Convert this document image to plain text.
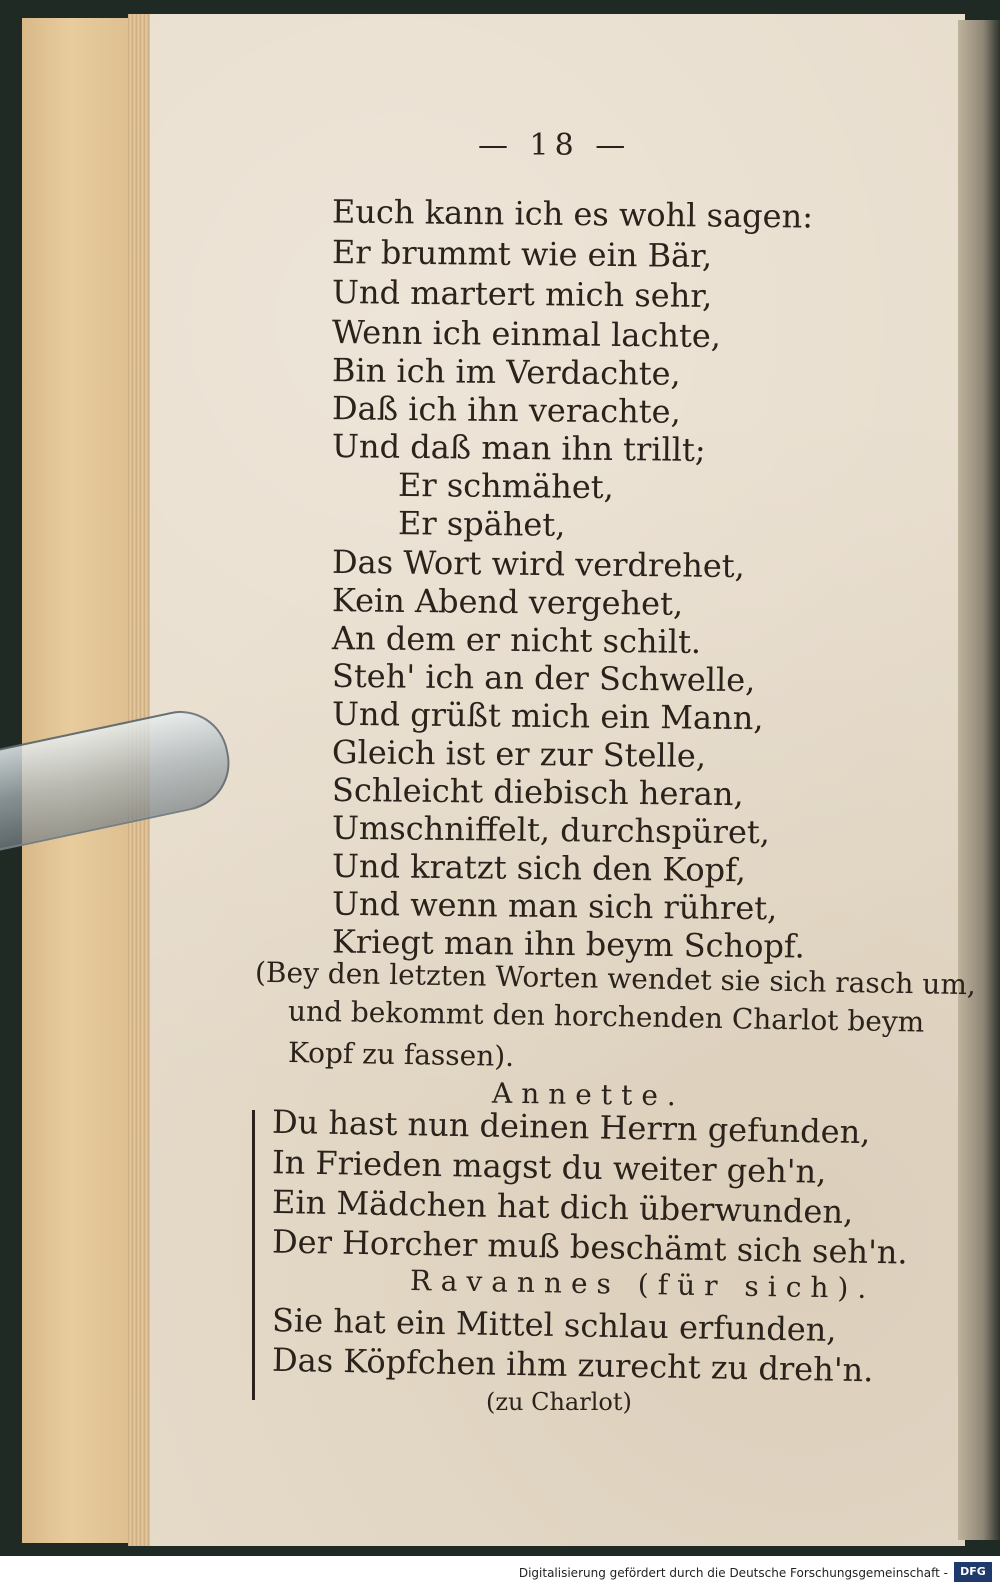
— 18 —
Euch kann ich es wohl sagen:
Er brummt wie ein Bär,
Und martert mich sehr,
Wenn ich einmal lachte,
Bin ich im Verdachte,
Daß ich ihn verachte,
Und daß man ihn trillt;
Er schmähet,
Er spähet,
Das Wort wird verdrehet,
Kein Abend vergehet,
An dem er nicht schilt.
Steh' ich an der Schwelle,
Und grüßt mich ein Mann,
Gleich ist er zur Stelle,
Schleicht diebisch heran,
Umschniffelt, durchspüret,
Und kratzt sich den Kopf,
Und wenn man sich rühret,
Kriegt man ihn beym Schopf.
(Bey den letzten Worten wendet sie sich rasch um,
und bekommt den horchenden Charlot beym
Kopf zu fassen).
Annette.
Du hast nun deinen Herrn gefunden,
In Frieden magst du weiter geh'n,
Ein Mädchen hat dich überwunden,
Der Horcher muß beschämt sich seh'n.
Ravannes (für sich).
Sie hat ein Mittel schlau erfunden,
Das Köpfchen ihm zurecht zu dreh'n.
(zu Charlot)
Digitalisierung gefördert durch die Deutsche Forschungsgemeinschaft -	DFG
